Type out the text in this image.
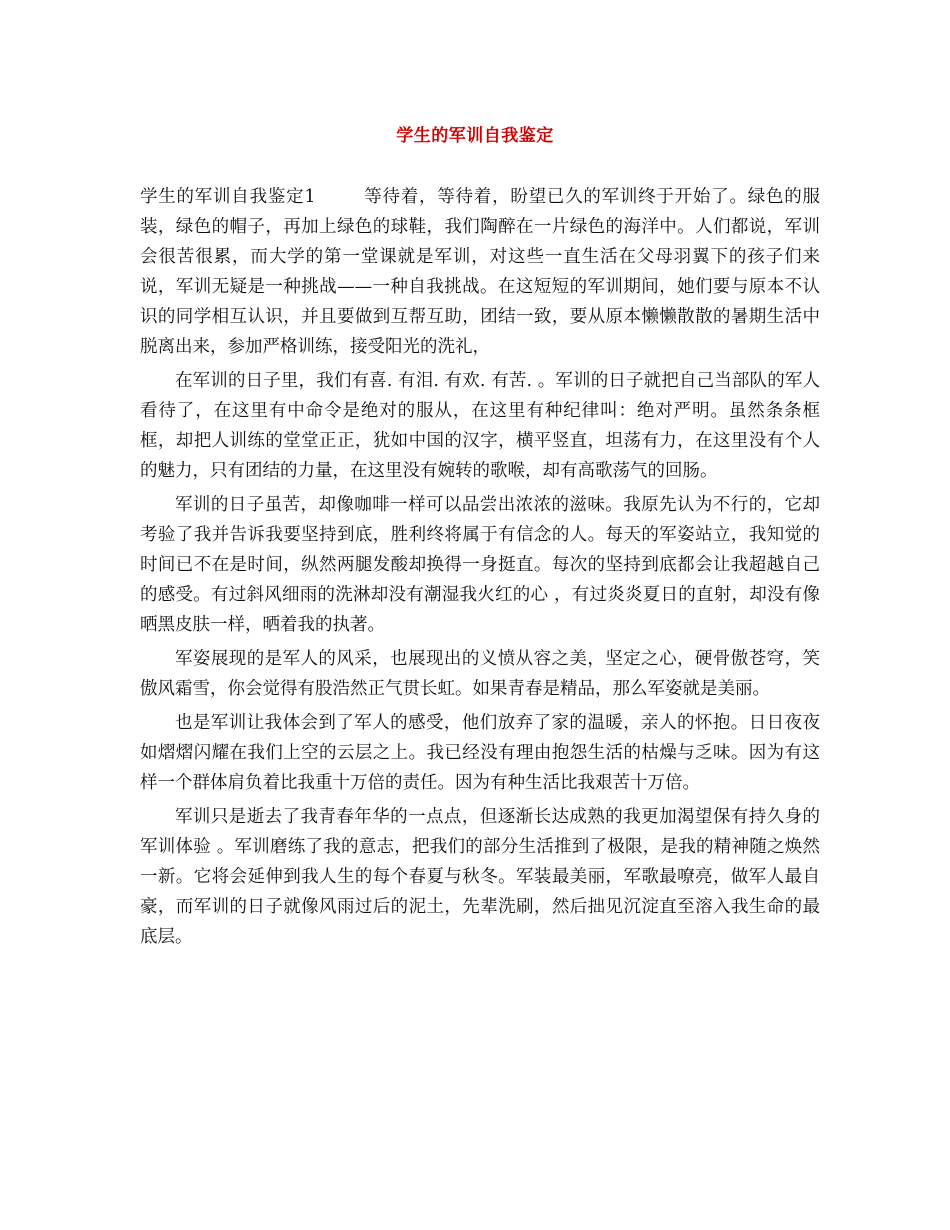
学生的军训自我鉴定

学生的军训自我鉴定1	等待着，等待着，盼望已久的军训终于开始了。绿色的服装，绿色的帽子，再加上绿色的球鞋，我们陶醉在一片绿色的海洋中。人们都说，军训会很苦很累，而大学的第一堂课就是军训，对这些一直生活在父母羽翼下的孩子们来说，军训无疑是一种挑战——一种自我挑战。在这短短的军训期间，她们要与原本不认识的同学相互认识，并且要做到互帮互助，团结一致，要从原本懒懒散散的暑期生活中脱离出来，参加严格训练，接受阳光的洗礼，

在军训的日子里，我们有喜. 有泪. 有欢. 有苦. 。军训的日子就把自己当部队的军人看待了，在这里有中命令是绝对的服从，在这里有种纪律叫：绝对严明。虽然条条框框，却把人训练的堂堂正正，犹如中国的汉字，横平竖直，坦荡有力，在这里没有个人的魅力，只有团结的力量，在这里没有婉转的歌喉，却有高歌荡气的回肠。

军训的日子虽苦，却像咖啡一样可以品尝出浓浓的滋味。我原先认为不行的，它却考验了我并告诉我要坚持到底，胜利终将属于有信念的人。每天的军姿站立，我知觉的时间已不在是时间，纵然两腿发酸却换得一身挺直。每次的坚持到底都会让我超越自己的感受。有过斜风细雨的洗淋却没有潮湿我火红的心 ，有过炎炎夏日的直射，却没有像晒黑皮肤一样，晒着我的执著。

军姿展现的是军人的风采，也展现出的义愤从容之美，坚定之心，硬骨傲苍穹，笑傲风霜雪，你会觉得有股浩然正气贯长虹。如果青春是精品，那么军姿就是美丽。

也是军训让我体会到了军人的感受，他们放弃了家的温暖，亲人的怀抱。日日夜夜 如熠熠闪耀在我们上空的云层之上。我已经没有理由抱怨生活的枯燥与乏味。因为有这样一个群体肩负着比我重十万倍的责任。因为有种生活比我艰苦十万倍。

军训只是逝去了我青春年华的一点点，但逐渐长达成熟的我更加渴望保有持久身的军训体验 。军训磨练了我的意志，把我们的部分生活推到了极限，是我的精神随之焕然一新。它将会延伸到我人生的每个春夏与秋冬。军装最美丽，军歌最嘹亮，做军人最自豪，而军训的日子就像风雨过后的泥土，先辈洗刷，然后拙见沉淀直至溶入我生命的最底层。
